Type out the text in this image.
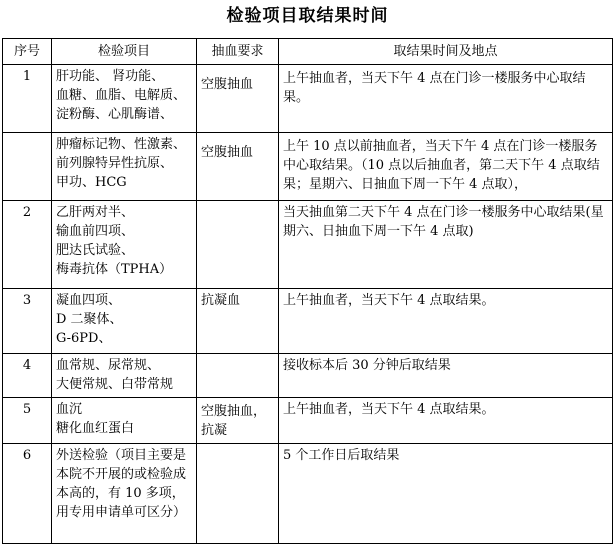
检验项目取结果时间
序号	检验项目	抽血要求	取结果时间及地点
1	肝功能、 肾功能、
血糖、血脂、电解质、
淀粉酶、心肌酶谱、	空腹抽血	上午抽血者，当天下午 4 点在门诊一楼服务中心取结果。

	肿瘤标记物、性激素、
前列腺特异性抗原、
甲功、HCG	空腹抽血	上午 10 点以前抽血者，当天下午 4 点在门诊一楼服务中心取结果。（10 点以后抽血者，第二天下午 4 点取结果；星期六、日抽血下周一下午 4 点取），
2	乙肝两对半、
输血前四项、
肥达氏试验、
梅毒抗体（TPHA）		当天抽血第二天下午 4 点在门诊一楼服务中心取结果(星期六、日抽血下周一下午 4 点取)
3	凝血四项、
D 二聚体、
G-6PD、	抗凝血	上午抽血者，当天下午 4 点取结果。
4	血常规、尿常规、
大便常规、白带常规		接收标本后 30 分钟后取结果
5	血沉
糖化血红蛋白	空腹抽血，抗凝	上午抽血者，当天下午 4 点取结果。
6	外送检验（项目主要是本院不开展的或检验成本高的，有 10 多项，用专用申请单可区分）		5 个工作日后取结果
